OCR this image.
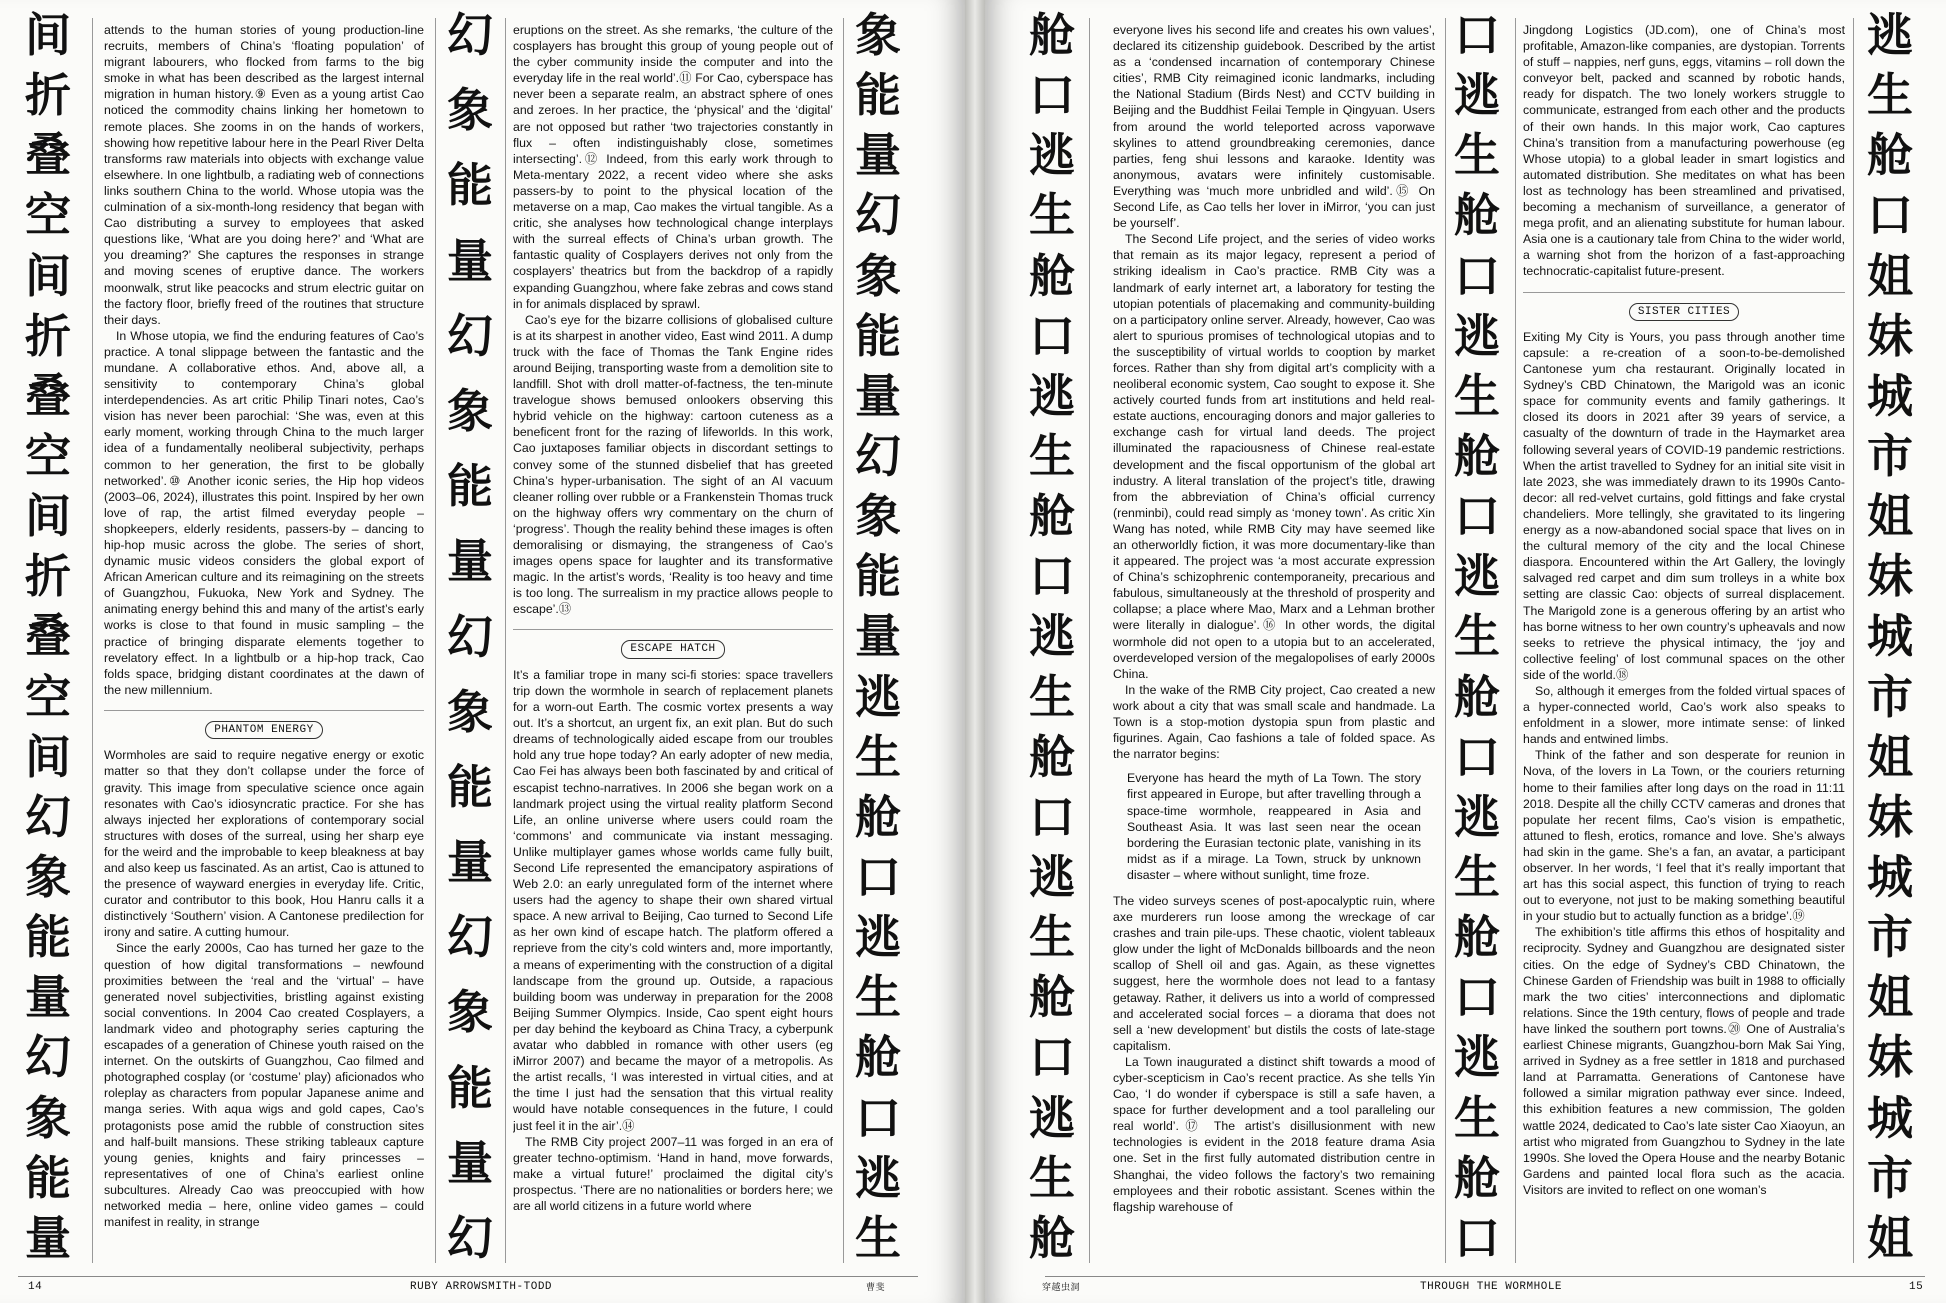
间
折
叠
空
间
折
叠
空
间
折
叠
空
间
幻
象
能
量
幻
象
能
量

attends to the human stories of young production-line recruits, members of China’s ‘floating population’ of migrant labourers, who flocked from farms to the big smoke in what has been described as the largest internal migration in human history.⑨ Even as a young artist Cao noticed the commodity chains linking her hometown to remote places. She zooms in on the hands of workers, showing how repetitive labour here in the Pearl River Delta transforms raw materials into objects with exchange value elsewhere. In one lightbulb, a radiating web of connections links southern China to the world. Whose utopia was the culmination of a six-month-long residency that began with Cao distributing a survey to employees that asked questions like, ‘What are you doing here?’ and ‘What are you dreaming?’ She captures the responses in strange and moving scenes of eruptive dance. The workers moonwalk, strut like peacocks and strum electric guitar on the factory floor, briefly freed of the routines that structure their days.

In Whose utopia, we find the enduring features of Cao’s practice. A tonal slippage between the fantastic and the mundane. A collaborative ethos. And, above all, a sensitivity to contemporary China’s global interdependencies. As art critic Philip Tinari notes, Cao’s vision has never been parochial: ‘She was, even at this early moment, working through China to the much larger idea of a fundamentally neoliberal subjectivity, perhaps common to her generation, the first to be globally networked’.⑩ Another iconic series, the Hip hop videos (2003–06, 2024), illustrates this point. Inspired by her own love of rap, the artist filmed everyday people – shopkeepers, elderly residents, passers-by – dancing to hip-hop music across the globe. The series of short, dynamic music videos considers the global export of African American culture and its reimagining on the streets of Guangzhou, Fukuoka, New York and Sydney. The animating energy behind this and many of the artist’s early works is close to that found in music sampling – the practice of bringing disparate elements together to revelatory effect. In a lightbulb or a hip-hop track, Cao folds space, bridging distant coordinates at the dawn of the new millennium.

PHANTOM ENERGY

Wormholes are said to require negative energy or exotic matter so that they don’t collapse under the force of gravity. This image from speculative science once again resonates with Cao’s idiosyncratic practice. For she has always injected her explorations of contemporary social structures with doses of the surreal, using her sharp eye for the weird and the improbable to keep bleakness at bay and also keep us fascinated. As an artist, Cao is attuned to the presence of wayward energies in everyday life. Critic, curator and contributor to this book, Hou Hanru calls it a distinctively ‘Southern’ vision. A Cantonese predilection for irony and satire. A cutting humour.

Since the early 2000s, Cao has turned her gaze to the question of how digital transformations – newfound proximities between the ‘real and the ‘virtual’ – have generated novel subjectivities, bristling against existing social conventions. In 2004 Cao created Cosplayers, a landmark video and photography series capturing the escapades of a generation of Chinese youth raised on the internet. On the outskirts of Guangzhou, Cao filmed and photographed cosplay (or ‘costume’ play) aficionados who roleplay as characters from popular Japanese anime and manga series. With aqua wigs and gold capes, Cao’s protagonists pose amid the rubble of construction sites and half-built mansions. These striking tableaux capture young genies, knights and fairy princesses – representatives of one of China’s earliest online subcultures. Already Cao was preoccupied with how networked media – here, online video games – could manifest in reality, in strange

幻
象
能
量
幻
象
能
量
幻
象
能
量
幻
象
能
量
幻

eruptions on the street. As she remarks, ‘the culture of the cosplayers has brought this group of young people out of the cyber community inside the computer and into the everyday life in the real world’.⑪ For Cao, cyberspace has never been a separate realm, an abstract sphere of ones and zeroes. In her practice, the ‘physical’ and the ‘digital’ are not opposed but rather ‘two trajectories constantly in flux – often indistinguishably close, sometimes intersecting’.⑫ Indeed, from this early work through to Meta-mentary 2022, a recent video where she asks passers-by to point to the physical location of the metaverse on a map, Cao makes the virtual tangible. As a critic, she analyses how technological change interplays with the surreal effects of China’s urban growth. The fantastic quality of Cosplayers derives not only from the cosplayers’ theatrics but from the backdrop of a rapidly expanding Guangzhou, where fake zebras and cows stand in for animals displaced by sprawl.

Cao’s eye for the bizarre collisions of globalised culture is at its sharpest in another video, East wind 2011. A dump truck with the face of Thomas the Tank Engine rides around Beijing, transporting waste from a demolition site to landfill. Shot with droll matter-of-factness, the ten-minute travelogue shows bemused onlookers observing this hybrid vehicle on the highway: cartoon cuteness as a beneficent front for the razing of lifeworlds. In this work, Cao juxtaposes familiar objects in discordant settings to convey some of the stunned disbelief that has greeted China’s hyper-urbanisation. The sight of an AI vacuum cleaner rolling over rubble or a Frankenstein Thomas truck on the highway offers wry commentary on the churn of ‘progress’. Though the reality behind these images is often demoralising or dismaying, the strangeness of Cao’s images opens space for laughter and its transformative magic. In the artist’s words, ‘Reality is too heavy and time is too long. The surrealism in my practice allows people to escape’.⑬

ESCAPE HATCH

It’s a familiar trope in many sci-fi stories: space travellers trip down the wormhole in search of replacement planets for a worn-out Earth. The cosmic vortex presents a way out. It’s a shortcut, an urgent fix, an exit plan. But do such dreams of technologically aided escape from our troubles hold any true hope today? An early adopter of new media, Cao Fei has always been both fascinated by and critical of escapist techno-narratives. In 2006 she began work on a landmark project using the virtual reality platform Second Life, an online universe where users could roam the ‘commons’ and communicate via instant messaging. Unlike multiplayer games whose worlds came fully built, Second Life represented the emancipatory aspirations of Web 2.0: an early unregulated form of the internet where users had the agency to shape their own shared virtual space. A new arrival to Beijing, Cao turned to Second Life as her own kind of escape hatch. The platform offered a reprieve from the city’s cold winters and, more importantly, a means of experimenting with the construction of a digital landscape from the ground up. Outside, a rapacious building boom was underway in preparation for the 2008 Beijing Summer Olympics. Inside, Cao spent eight hours per day behind the keyboard as China Tracy, a cyberpunk avatar who dabbled in romance with other users (eg iMirror 2007) and became the mayor of a metropolis. As the artist recalls, ‘I was interested in virtual cities, and at the time I just had the sensation that this virtual reality would have notable consequences in the future, I could just feel it in the air’.⑭

The RMB City project 2007–11 was forged in an era of greater techno-optimism. ‘Hand in hand, move forwards, make a virtual future!’ proclaimed the digital city’s prospectus. ‘There are no nationalities or borders here; we are all world citizens in a future world where

象
能
量
幻
象
能
量
幻
象
能
量
逃
生
舱
口
逃
生
舱
口
逃
生
14	RUBY ARROWSMITH-TODD	曹斐
舱
口
逃
生
舱
口
逃
生
舱
口
逃
生
舱
口
逃
生
舱
口
逃
生
舱

everyone lives his second life and creates his own values’, declared its citizenship guidebook. Described by the artist as a ‘condensed incarnation of contemporary Chinese cities’, RMB City reimagined iconic landmarks, including the National Stadium (Birds Nest) and CCTV building in Beijing and the Buddhist Feilai Temple in Qingyuan. Users from around the world teleported across vaporwave skylines to attend groundbreaking ceremonies, dance parties, feng shui lessons and karaoke. Identity was anonymous, avatars were infinitely customisable. Everything was ‘much more unbridled and wild’.⑮ On Second Life, as Cao tells her lover in iMirror, ‘you can just be yourself’.

The Second Life project, and the series of video works that remain as its major legacy, represent a period of striking idealism in Cao’s practice. RMB City was a landmark of early internet art, a laboratory for testing the utopian potentials of placemaking and community-building on a participatory online server. Already, however, Cao was alert to spurious promises of technological utopias and to the susceptibility of virtual worlds to cooption by market forces. Rather than shy from digital art’s complicity with a neoliberal economic system, Cao sought to expose it. She actively courted funds from art institutions and held real-estate auctions, encouraging donors and major galleries to exchange cash for virtual land deeds. The project illuminated the rapaciousness of Chinese real-estate development and the fiscal opportunism of the global art industry. A literal translation of the project’s title, drawing from the abbreviation of China’s official currency (renminbi), could read simply as ‘money town’. As critic Xin Wang has noted, while RMB City may have seemed like an otherworldly fiction, it was more documentary-like than it appeared. The project was ‘a most accurate expression of China’s schizophrenic contemporaneity, precarious and fabulous, simultaneously at the threshold of prosperity and collapse; a place where Mao, Marx and a Lehman brother were literally in dialogue’.⑯ In other words, the digital wormhole did not open to a utopia but to an accelerated, overdeveloped version of the megalopolises of early 2000s China.

In the wake of the RMB City project, Cao created a new work about a city that was small scale and handmade. La Town is a stop-motion dystopia spun from plastic and figurines. Again, Cao fashions a tale of folded space. As the narrator begins:

Everyone has heard the myth of La Town. The story first appeared in Europe, but after travelling through a space-time wormhole, reappeared in Asia and Southeast Asia. It was last seen near the ocean bordering the Eurasian tectonic plate, vanishing in its midst as if a mirage. La Town, struck by unknown disaster – where without sunlight, time froze.

The video surveys scenes of post-apocalyptic ruin, where axe murderers run loose among the wreckage of car crashes and train pile-ups. These chaotic, violent tableaux glow under the light of McDonalds billboards and the neon scallop of Shell oil and gas. Again, as these vignettes suggest, here the wormhole does not lead to a fantasy getaway. Rather, it delivers us into a world of compressed and accelerated social forces – a diorama that does not sell a ‘new development’ but distils the costs of late-stage capitalism.

La Town inaugurated a distinct shift towards a mood of cyber-scepticism in Cao’s recent practice. As she tells Yin Cao, ‘I do wonder if cyberspace is still a safe haven, a space for further development and a tool paralleling our real world’.⑰ The artist’s disillusionment with new technologies is evident in the 2018 feature drama Asia one. Set in the first fully automated distribution centre in Shanghai, the video follows the factory’s two remaining employees and their robotic assistant. Scenes within the flagship warehouse of

口
逃
生
舱
口
逃
生
舱
口
逃
生
舱
口
逃
生
舱
口
逃
生
舱
口

Jingdong Logistics (JD.com), one of China’s most profitable, Amazon-like companies, are dystopian. Torrents of stuff – nappies, nerf guns, eggs, vitamins – roll down the conveyor belt, packed and scanned by robotic hands, ready for dispatch. The two lonely workers struggle to communicate, estranged from each other and the products of their own hands. In this major work, Cao captures China’s transition from a manufacturing powerhouse (eg Whose utopia) to a global leader in smart logistics and automated distribution. She meditates on what has been lost as technology has been streamlined and privatised, becoming a mechanism of surveillance, a generator of mega profit, and an alienating substitute for human labour. Asia one is a cautionary tale from China to the wider world, a warning shot from the horizon of a fast-approaching technocratic-capitalist future-present.

SISTER CITIES

Exiting My City is Yours, you pass through another time capsule: a re-creation of a soon-to-be-demolished Cantonese yum cha restaurant. Originally located in Sydney’s CBD Chinatown, the Marigold was an iconic space for community events and family gatherings. It closed its doors in 2021 after 39 years of service, a casualty of the downturn of trade in the Haymarket area following several years of COVID-19 pandemic restrictions. When the artist travelled to Sydney for an initial site visit in late 2023, she was immediately drawn to its 1990s Canto-decor: all red-velvet curtains, gold fittings and fake crystal chandeliers. More tellingly, she gravitated to its lingering energy as a now-abandoned social space that lives on in the cultural memory of the city and the local Chinese diaspora. Encountered within the Art Gallery, the lovingly salvaged red carpet and dim sum trolleys in a white box setting are classic Cao: objects of surreal displacement. The Marigold zone is a generous offering by an artist who has borne witness to her own country’s upheavals and now seeks to retrieve the physical intimacy, the ‘joy and collective feeling’ of lost communal spaces on the other side of the world.⑱

So, although it emerges from the folded virtual spaces of a hyper-connected world, Cao’s work also speaks to enfoldment in a slower, more intimate sense: of linked hands and entwined limbs.

Think of the father and son desperate for reunion in Nova, of the lovers in La Town, or the couriers returning home to their families after long days on the road in 11:11 2018. Despite all the chilly CCTV cameras and drones that populate her recent films, Cao’s vision is empathetic, attuned to flesh, erotics, romance and love. She’s always had skin in the game. She’s a fan, an avatar, a participant observer. In her words, ‘I feel that it’s really important that art has this social aspect, this function of trying to reach out to everyone, not just to be making something beautiful in your studio but to actually function as a bridge’.⑲

The exhibition’s title affirms this ethos of hospitality and reciprocity. Sydney and Guangzhou are designated sister cities. On the edge of Sydney’s CBD Chinatown, the Chinese Garden of Friendship was built in 1988 to officially mark the two cities’ interconnections and diplomatic relations. Since the 19th century, flows of people and trade have linked the southern port towns.⑳ One of Australia’s earliest Chinese migrants, Guangzhou-born Mak Sai Ying, arrived in Sydney as a free settler in 1818 and purchased land at Parramatta. Generations of Cantonese have followed a similar migration pathway ever since. Indeed, this exhibition features a new commission, The golden wattle 2024, dedicated to Cao’s late sister Cao Xiaoyun, an artist who migrated from Guangzhou to Sydney in the late 1990s. She loved the Opera House and the nearby Botanic Gardens and painted local flora such as the acacia. Visitors are invited to reflect on one woman’s

逃
生
舱
口
姐
妹
城
市
姐
妹
城
市
姐
妹
城
市
姐
妹
城
市
姐
穿越虫洞	THROUGH THE WORMHOLE	15
